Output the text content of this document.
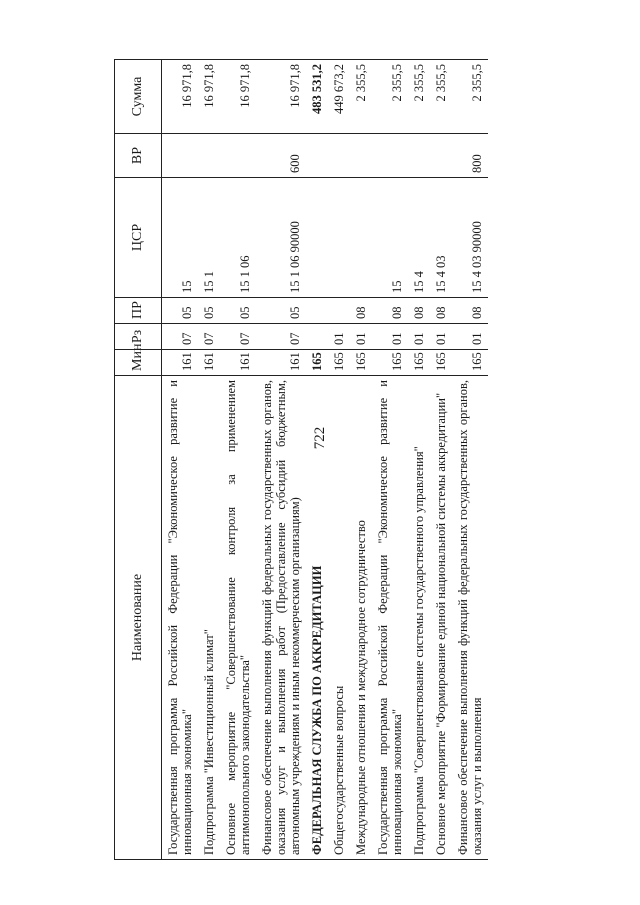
722
Наименование	Мин	Рз	ПР	ЦСР	ВР	Сумма
Государственная программа Российской Федерации "Экономическое развитие и инновационная экономика"	161	07	05	15		16 971,8
Подпрограмма "Инвестиционный климат"	161	07	05	15 1		16 971,8
Основное мероприятие "Совершенствование контроля за применением антимонопольного законодательства"	161	07	05	15 1 06		16 971,8
Финансовое обеспечение выполнения функций федеральных государственных органов, оказания услуг и выполнения работ (Предоставление субсидий бюджетным, автономным учреждениям и иным некоммерческим организациям)	161	07	05	15 1 06 90000	600	16 971,8
ФЕДЕРАЛЬНАЯ СЛУЖБА ПО АККРЕДИТАЦИИ	165					483 531,2
Общегосударственные вопросы	165	01				449 673,2
Международные отношения и международное сотрудничество	165	01	08			2 355,5
Государственная программа Российской Федерации "Экономическое развитие и инновационная экономика"	165	01	08	15		2 355,5
Подпрограмма "Совершенствование системы государственного управления"	165	01	08	15 4		2 355,5
Основное мероприятие "Формирование единой национальной системы аккредитации"	165	01	08	15 4 03		2 355,5
Финансовое обеспечение выполнения функций федеральных государственных органов, оказания услуг и выполнения	165	01	08	15 4 03 90000	800	2 355,5
